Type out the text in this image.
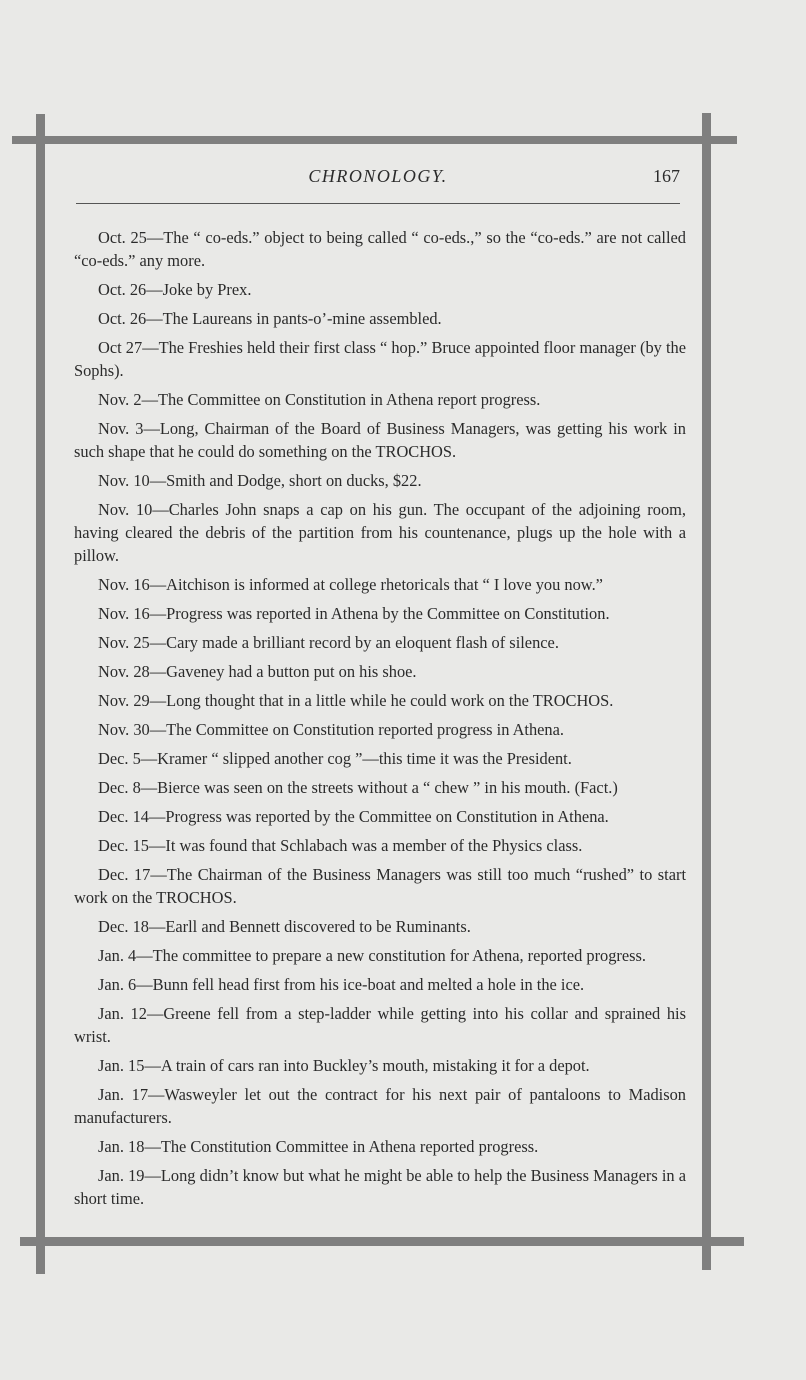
CHRONOLOGY.	167

Oct. 25—The “ co-eds.” object to being called “ co-eds.,” so the “co-eds.” are not called “co-eds.” any more.

Oct. 26—Joke by Prex.

Oct. 26—The Laureans in pants-o’-mine assembled.

Oct 27—The Freshies held their first class “ hop.” Bruce appointed floor manager (by the Sophs).

Nov. 2—The Committee on Constitution in Athena report progress.

Nov. 3—Long, Chairman of the Board of Business Managers, was getting his work in such shape that he could do something on the TROCHOS.

Nov. 10—Smith and Dodge, short on ducks, $22.

Nov. 10—Charles John snaps a cap on his gun. The occupant of the adjoining room, having cleared the debris of the partition from his countenance, plugs up the hole with a pillow.

Nov. 16—Aitchison is informed at college rhetoricals that “ I love you now.”

Nov. 16—Progress was reported in Athena by the Committee on Constitution.

Nov. 25—Cary made a brilliant record by an eloquent flash of silence.

Nov. 28—Gaveney had a button put on his shoe.

Nov. 29—Long thought that in a little while he could work on the TROCHOS.

Nov. 30—The Committee on Constitution reported progress in Athena.

Dec. 5—Kramer “ slipped another cog ”—this time it was the President.

Dec. 8—Bierce was seen on the streets without a “ chew ” in his mouth. (Fact.)

Dec. 14—Progress was reported by the Committee on Constitution in Athena.

Dec. 15—It was found that Schlabach was a member of the Physics class.

Dec. 17—The Chairman of the Business Managers was still too much “rushed” to start work on the TROCHOS.

Dec. 18—Earll and Bennett discovered to be Ruminants.

Jan. 4—The committee to prepare a new constitution for Athena, reported progress.

Jan. 6—Bunn fell head first from his ice-boat and melted a hole in the ice.

Jan. 12—Greene fell from a step-ladder while getting into his collar and sprained his wrist.

Jan. 15—A train of cars ran into Buckley’s mouth, mistaking it for a depot.

Jan. 17—Wasweyler let out the contract for his next pair of pantaloons to Madison manufacturers.

Jan. 18—The Constitution Committee in Athena reported progress.

Jan. 19—Long didn’t know but what he might be able to help the Business Managers in a short time.
